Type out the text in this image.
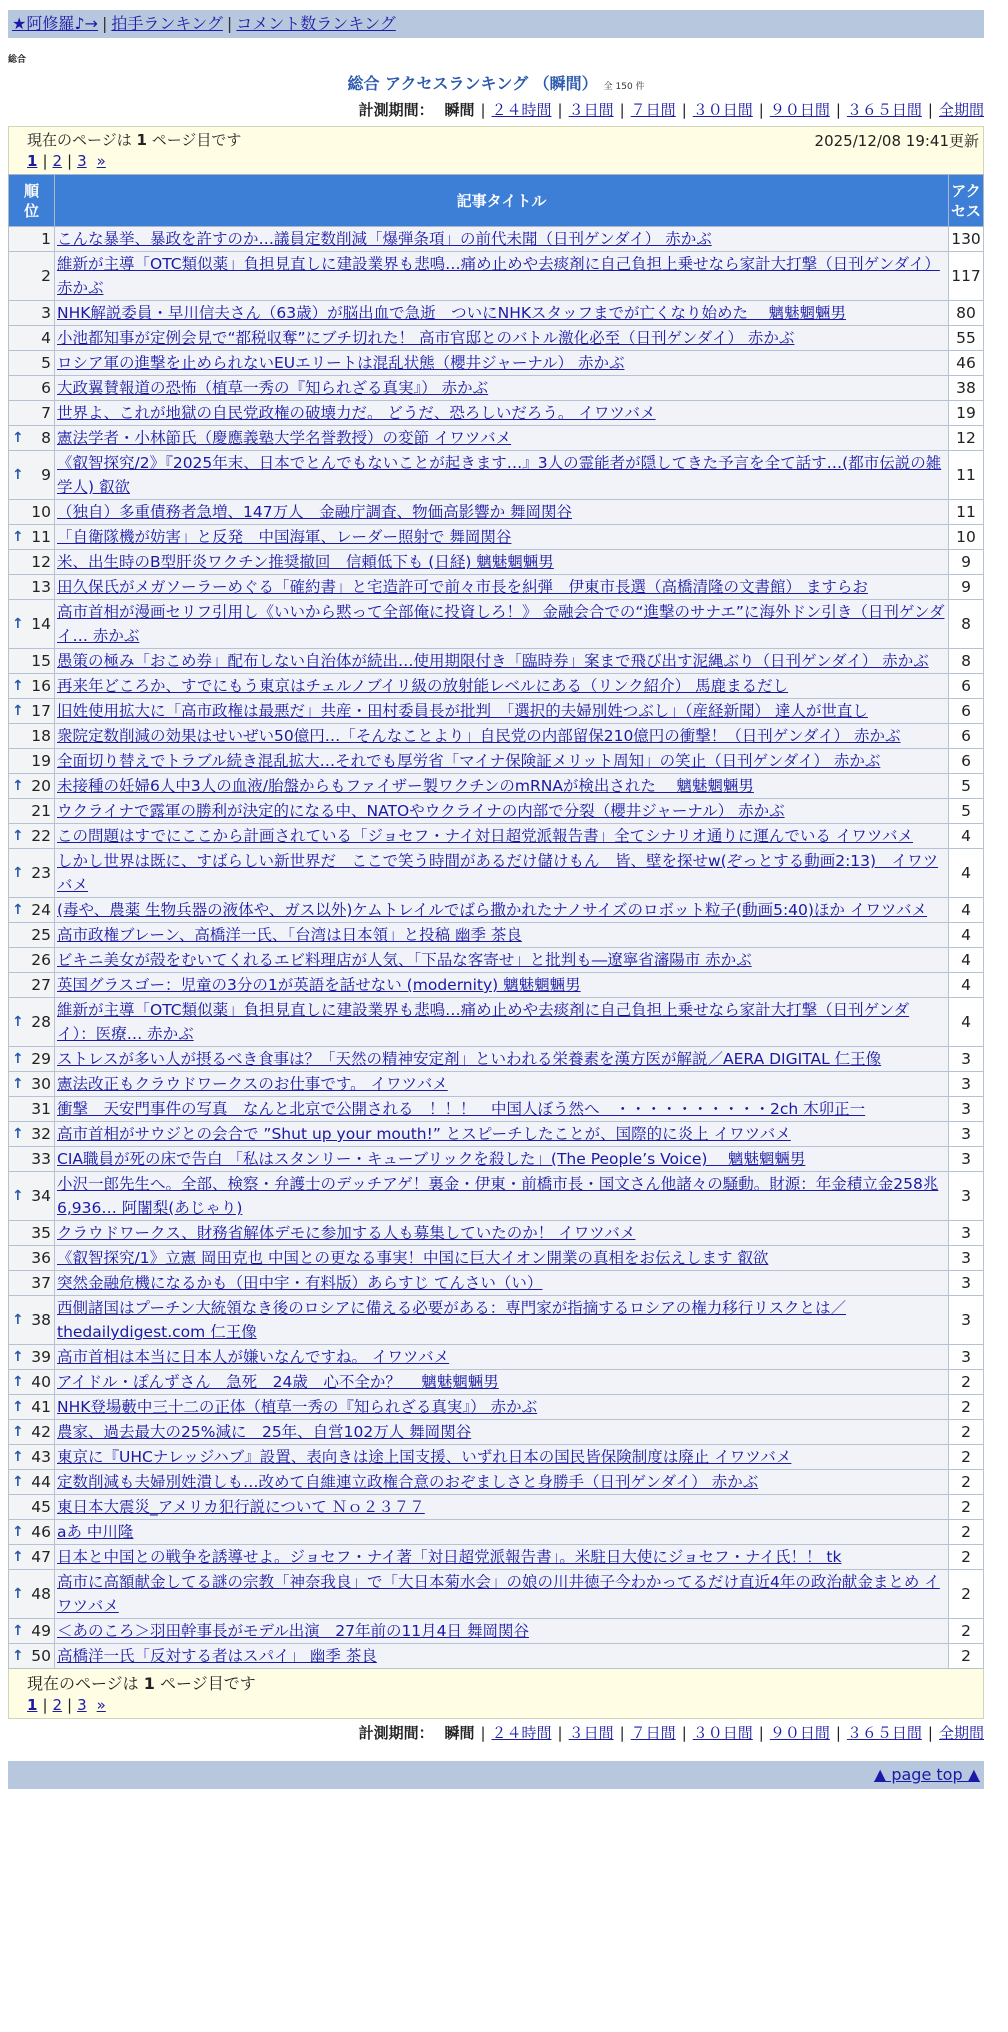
★阿修羅♪→ | 拍手ランキング | コメント数ランキング
総合
総合 アクセスランキング （瞬間） 全 150 件
計測期間： 瞬間 | ２４時間 | ３日間 | ７日間 | ３０日間 | ９０日間 | ３６５日間 | 全期間
現在のページは 1 ページ目です	2025/12/08 19:41更新
1 | 2 | 3 »
順位	記事タイトル	アクセス
1	こんな暴挙、暴政を許すのか…議員定数削減「爆弾条項」の前代未聞（日刊ゲンダイ） 赤かぶ	130
2	維新が主導「OTC類似薬」負担見直しに建設業界も悲鳴…痛め止めや去痰剤に自己負担上乗せなら家計大打撃（日刊ゲンダイ） 赤かぶ	117
3	NHK解説委員・早川信夫さん（63歳）が脳出血で急逝　ついにNHKスタッフまでが亡くなり始めた　 魑魅魍魎男	80
4	小池都知事が定例会見で“都税収奪”にブチ切れた！ 高市官邸とのバトル激化必至（日刊ゲンダイ） 赤かぶ	55
5	ロシア軍の進撃を止められないEUエリートは混乱状態（櫻井ジャーナル） 赤かぶ	46
6	大政翼賛報道の恐怖（植草一秀の『知られざる真実』） 赤かぶ	38
7	世界よ、これが地獄の自民党政権の破壊力だ。 どうだ、恐ろしいだろう。 イワツバメ	19

↑ 8	憲法学者・小林節氏（慶應義塾大学名誉教授）の変節 イワツバメ	12

↑ 9	《叡智探究/2》『2025年末、日本でとんでもないことが起きます…』3人の霊能者が隠してきた予言を全て話す…(都市伝説の雑学人) 叡欲	11
10	（独自）多重債務者急増、147万人　金融庁調査、物価高影響か 舞岡関谷	11

↑ 11	「自衛隊機が妨害」と反発　中国海軍、レーダー照射で 舞岡関谷	10
12	米、出生時のB型肝炎ワクチン推奨撤回　信頼低下も (日経) 魑魅魍魎男	9
13	田久保氏がメガソーラーめぐる「確約書」と宅造許可で前々市長を糾弾　伊東市長選（高橋清隆の文書館） ますらお	9

↑ 14	高市首相が漫画セリフ引用し《いいから黙って全部俺に投資しろ！》 金融会合での“進撃のサナエ”に海外ドン引き（日刊ゲンダイ… 赤かぶ	8
15	愚策の極み「おこめ券」配布しない自治体が続出…使用期限付き「臨時券」案まで飛び出す泥縄ぶり（日刊ゲンダイ） 赤かぶ	8

↑ 16	再来年どころか、すでにもう東京はチェルノブイリ級の放射能レベルにある（リンク紹介） 馬鹿まるだし	6

↑ 17	旧姓使用拡大に「高市政権は最悪だ」共産・田村委員長が批判　「選択的夫婦別姓つぶし」（産経新聞） 達人が世直し	6
18	衆院定数削減の効果はせいぜい50億円…「そんなことより」自民党の内部留保210億円の衝撃！（日刊ゲンダイ） 赤かぶ	6
19	全面切り替えでトラブル続き混乱拡大…それでも厚労省「マイナ保険証メリット周知」の笑止（日刊ゲンダイ） 赤かぶ	6

↑ 20	未接種の妊婦6人中3人の血液/胎盤からもファイザー製ワクチンのmRNAが検出された　 魑魅魍魎男	5
21	ウクライナで露軍の勝利が決定的になる中、NATOやウクライナの内部で分裂（櫻井ジャーナル） 赤かぶ	5

↑ 22	この問題はすでにここから計画されている「ジョセフ・ナイ対日超党派報告書」全てシナリオ通りに運んでいる イワツバメ	4

↑ 23	しかし世界は既に、すばらしい新世界だ　ここで笑う時間があるだけ儲けもん　皆、壁を探せw(ぞっとする動画2:13)　イワツバメ	4

↑ 24	(毒や、農薬 生物兵器の液体や、ガス以外)ケムトレイルでばら撒かれたナノサイズのロボット粒子(動画5:40)ほか イワツバメ	4
25	高市政権ブレーン、高橋洋一氏、「台湾は日本領」と投稿 幽季 茶良	4
26	ビキニ美女が殻をむいてくれるエビ料理店が人気、「下品な客寄せ」と批判も―遼寧省瀋陽市 赤かぶ	4
27	英国グラスゴー：児童の3分の1が英語を話せない (modernity) 魑魅魍魎男	4

↑ 28	維新が主導「OTC類似薬」負担見直しに建設業界も悲鳴…痛め止めや去痰剤に自己負担上乗せなら家計大打撃（日刊ゲンダイ）：医療… 赤かぶ	4

↑ 29	ストレスが多い人が摂るべき食事は？「天然の精神安定剤」といわれる栄養素を漢方医が解説／AERA DIGITAL 仁王像	3

↑ 30	憲法改正もクラウドワークスのお仕事です。 イワツバメ	3
31	衝撃　天安門事件の写真　なんと北京で公開される　！！！　中国人ぼう然へ　・・・・・・・・・・2ch 木卯正一	3

↑ 32	高市首相がサウジとの会合で ”Shut up your mouth!” とスピーチしたことが、国際的に炎上 イワツバメ	3
33	CIA職員が死の床で告白 「私はスタンリー・キューブリックを殺した」(The People’s Voice)　 魑魅魍魎男	3

↑ 34	小沢一郎先生へ。全部、検察・弁護士のデッチアゲ！裏金・伊東・前橋市長・国文さん他諸々の騒動。財源：年金積立金258兆6,936… 阿闍梨(あじゃり)	3
35	クラウドワークス、財務省解体デモに参加する人も募集していたのか！ イワツバメ	3
36	《叡智探究/1》立憲 岡田克也 中国との更なる事実！中国に巨大イオン開業の真相をお伝えします 叡欲	3
37	突然金融危機になるかも（田中宇・有料版）あらすじ てんさい（い）	3

↑ 38	西側諸国はプーチン大統領なき後のロシアに備える必要がある：専門家が指摘するロシアの権力移行リスクとは／thedailydigest.com 仁王像	3

↑ 39	高市首相は本当に日本人が嫌いなんですね。 イワツバメ	3

↑ 40	アイドル・ぽんずさん　急死　24歳　心不全か？　 魑魅魍魎男	2

↑ 41	NHK登場藪中三十二の正体（植草一秀の『知られざる真実』） 赤かぶ	2

↑ 42	農家、過去最大の25%減に　25年、自営102万人 舞岡関谷	2

↑ 43	東京に『UHCナレッジハブ』設置、表向きは途上国支援、いずれ日本の国民皆保険制度は廃止 イワツバメ	2

↑ 44	定数削減も夫婦別姓潰しも…改めて自維連立政権合意のおぞましさと身勝手（日刊ゲンダイ） 赤かぶ	2
45	東日本大震災_アメリカ犯行説について Ｎｏ２３７７	2

↑ 46	aあ 中川隆	2

↑ 47	日本と中国との戦争を誘導せよ。ジョセフ・ナイ著「対日超党派報告書」。米駐日大使にジョセフ・ナイ氏！！ tk	2

↑ 48	高市に高額献金してる謎の宗教「神奈我良」で「大日本菊水会」の娘の川井徳子今わかってるだけ直近4年の政治献金まとめ イワツバメ	2

↑ 49	＜あのころ＞羽田幹事長がモデル出演　27年前の11月4日 舞岡関谷	2

↑ 50	高橋洋一氏「反対する者はスパイ」 幽季 茶良	2
現在のページは 1 ページ目です
1 | 2 | 3 »
計測期間： 瞬間 | ２４時間 | ３日間 | ７日間 | ３０日間 | ９０日間 | ３６５日間 | 全期間
▲ page top ▲
